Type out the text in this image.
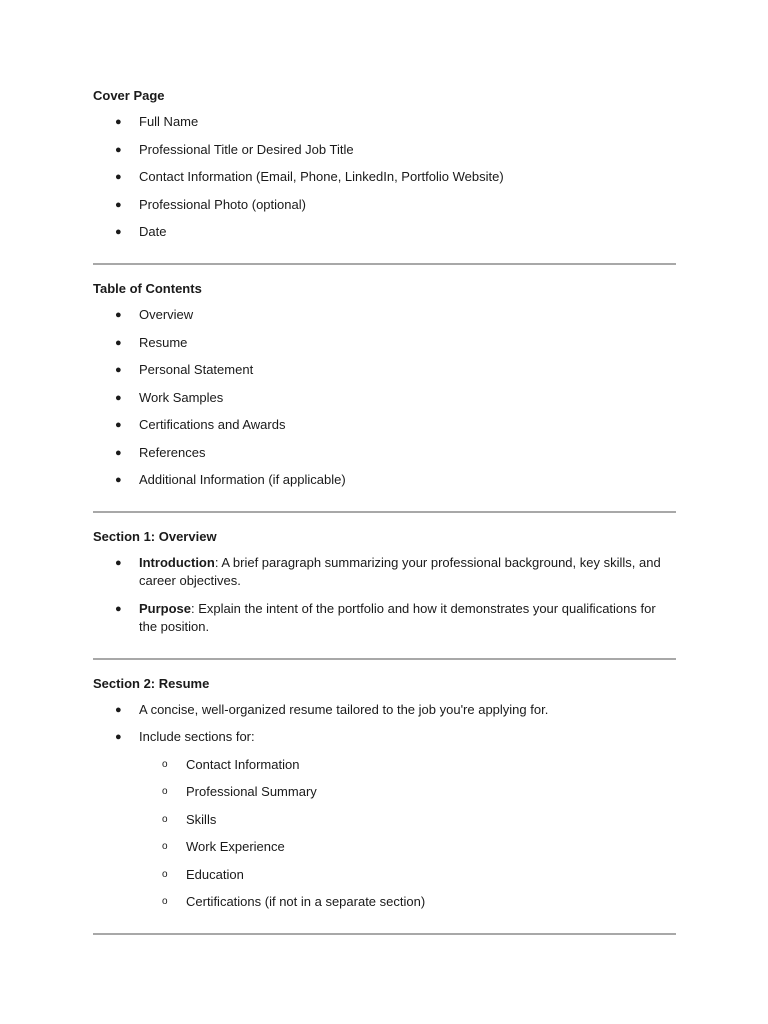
Cover Page

● Full Name
● Professional Title or Desired Job Title
● Contact Information (Email, Phone, LinkedIn, Portfolio Website)
● Professional Photo (optional)
● Date

Table of Contents

● Overview
● Resume
● Personal Statement
● Work Samples
● Certifications and Awards
● References
● Additional Information (if applicable)

Section 1: Overview

● Introduction: A brief paragraph summarizing your professional background, key skills, and career objectives.
● Purpose: Explain the intent of the portfolio and how it demonstrates your qualifications for the position.

Section 2: Resume

● A concise, well-organized resume tailored to the job you're applying for.
● Include sections for:
o Contact Information
o Professional Summary
o Skills
o Work Experience
o Education
o Certifications (if not in a separate section)
